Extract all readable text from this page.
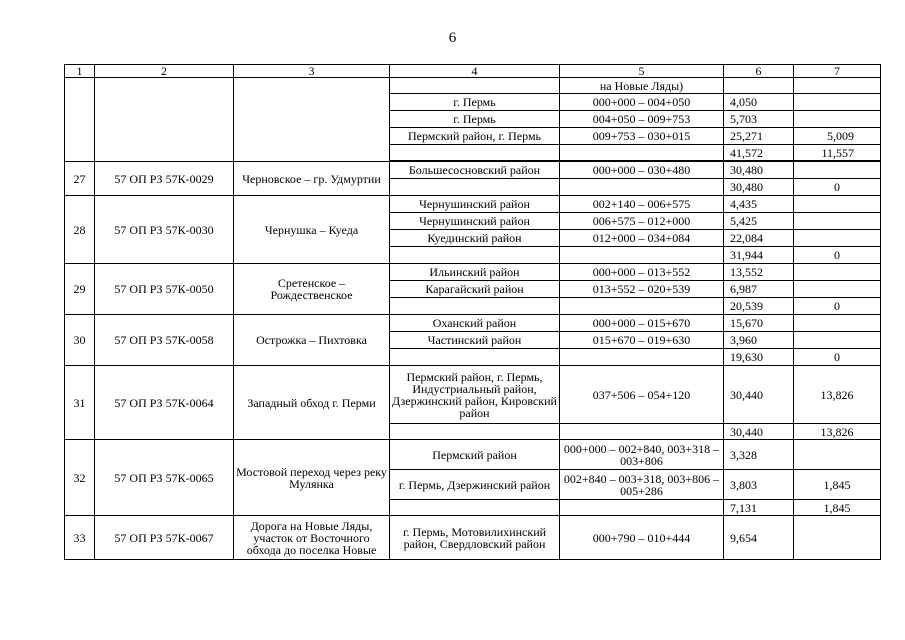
6
1	2	3	4	5	6	7
				на Новые Ляды)		
			г. Пермь	000+000 – 004+050	4,050	
			г. Пермь	004+050 – 009+753	5,703	
			Пермский район, г. Пермь	009+753 – 030+015	25,271	5,009
					41,572	11,557

27	57 ОП РЗ 57К-0029	Черновское – гр. Удмуртии	Большесосновский район	000+000 – 030+480	30,480	
					30,480	0
28	57 ОП РЗ 57К-0030	Чернушка – Куеда	Чернушинский район	002+140 – 006+575	4,435	
			Чернушинский район	006+575 – 012+000	5,425	
			Куединский район	012+000 – 034+084	22,084	
					31,944	0
29	57 ОП РЗ 57К-0050	Сретенское – Рождественское	Ильинский район	000+000 – 013+552	13,552	
			Карагайский район	013+552 – 020+539	6,987	
					20,539	0
30	57 ОП РЗ 57К-0058	Острожка – Пихтовка	Оханский район	000+000 – 015+670	15,670	
			Частинский район	015+670 – 019+630	3,960	
					19,630	0
31	57 ОП РЗ 57К-0064	Западный обход г. Перми	Пермский район, г. Пермь, Индустриальный район, Дзержинский район, Кировский район	037+506 – 054+120	30,440	13,826
					30,440	13,826
32	57 ОП РЗ 57К-0065	Мостовой переход через реку Мулянка	Пермский район	000+000 – 002+840, 003+318 – 003+806	3,328	
			г. Пермь, Дзержинский район	002+840 – 003+318, 003+806 – 005+286	3,803	1,845
					7,131	1,845
33	57 ОП РЗ 57К-0067	Дорога на Новые Ляды, участок от Восточного обхода до поселка Новые	г. Пермь, Мотовилихинский район, Свердловский район	000+790 – 010+444	9,654	
